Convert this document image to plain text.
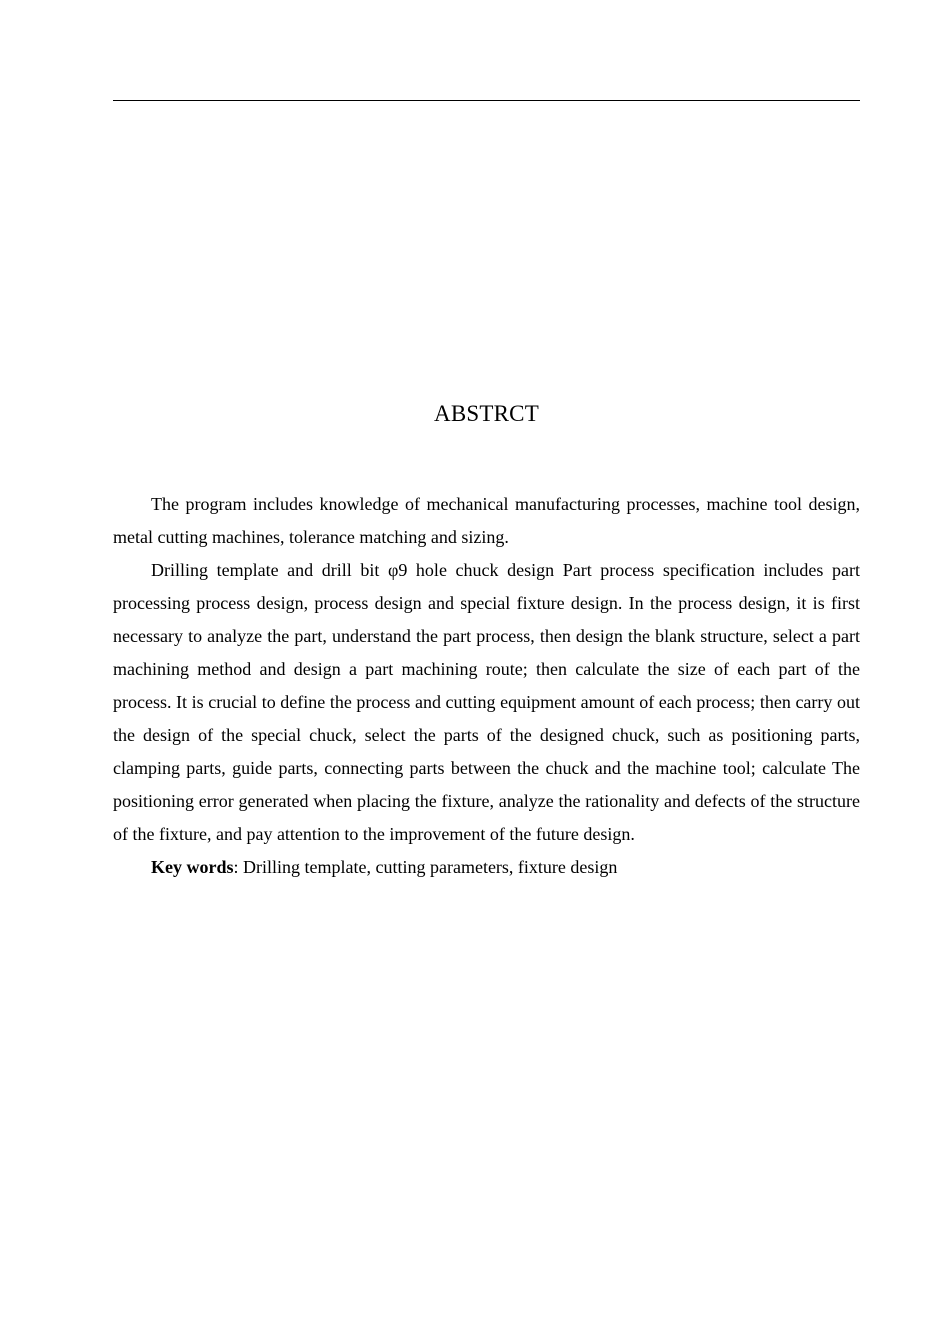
ABSTRCT

The program includes knowledge of mechanical manufacturing processes, machine tool design, metal cutting machines, tolerance matching and sizing.

Drilling template and drill bit φ9 hole chuck design Part process specification includes part processing process design, process design and special fixture design. In the process design, it is first necessary to analyze the part, understand the part process, then design the blank structure, select a part machining method and design a part machining route; then calculate the size of each part of the process. It is crucial to define the process and cutting equipment amount of each process; then carry out the design of the special chuck, select the parts of the designed chuck, such as positioning parts, clamping parts, guide parts, connecting parts between the chuck and the machine tool; calculate The positioning error generated when placing the fixture, analyze the rationality and defects of the structure of the fixture, and pay attention to the improvement of the future design.

Key words: Drilling template, cutting parameters, fixture design
